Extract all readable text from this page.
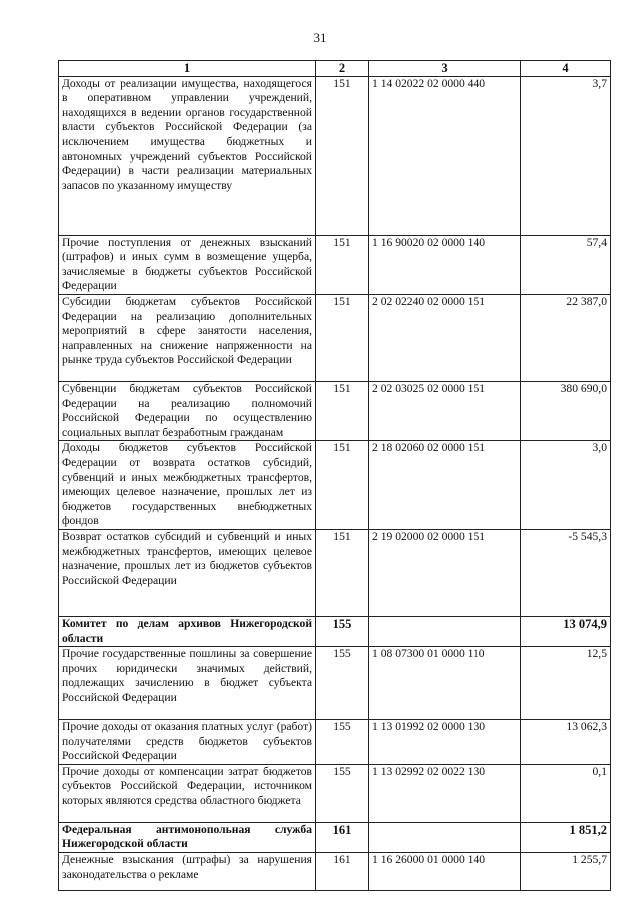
31
1	2	3	4
Доходы от реализации имущества, находящегося в оперативном управлении учреждений, находящихся в ведении органов государственной власти субъектов Российской Федерации (за исключением имущества бюджетных и автономных учреждений субъектов Российской Федерации) в части реализации материальных запасов по указанному имуществу	151	1 14 02022 02 0000 440	3,7
Прочие поступления от денежных взысканий (штрафов) и иных сумм в возмещение ущерба, зачисляемые в бюджеты субъектов Российской Федерации	151	1 16 90020 02 0000 140	57,4
Субсидии бюджетам субъектов Российской Федерации на реализацию дополнительных мероприятий в сфере занятости населения, направленных на снижение напряженности на рынке труда субъектов Российской Федерации	151	2 02 02240 02 0000 151	22 387,0
Субвенции бюджетам субъектов Российской Федерации на реализацию полномочий Российской Федерации по осуществлению социальных выплат безработным гражданам	151	2 02 03025 02 0000 151	380 690,0
Доходы бюджетов субъектов Российской Федерации от возврата остатков субсидий, субвенций и иных межбюджетных трансфертов, имеющих целевое назначение, прошлых лет из бюджетов государственных внебюджетных фондов	151	2 18 02060 02 0000 151	3,0
Возврат остатков субсидий и субвенций и иных межбюджетных трансфертов, имеющих целевое назначение, прошлых лет из бюджетов субъектов Российской Федерации	151	2 19 02000 02 0000 151	-5 545,3
Комитет по делам архивов Нижегородской области	155		13 074,9
Прочие государственные пошлины за совершение прочих юридически значимых действий, подлежащих зачислению в бюджет субъекта Российской Федерации	155	1 08 07300 01 0000 110	12,5
Прочие доходы от оказания платных услуг (работ) получателями средств бюджетов субъектов Российской Федерации	155	1 13 01992 02 0000 130	13 062,3
Прочие доходы от компенсации затрат бюджетов субъектов Российской Федерации, источником которых являются средства областного бюджета	155	1 13 02992 02 0022 130	0,1
Федеральная антимонопольная служба Нижегородской области	161		1 851,2
Денежные взыскания (штрафы) за нарушения законодательства о рекламе	161	1 16 26000 01 0000 140	1 255,7
